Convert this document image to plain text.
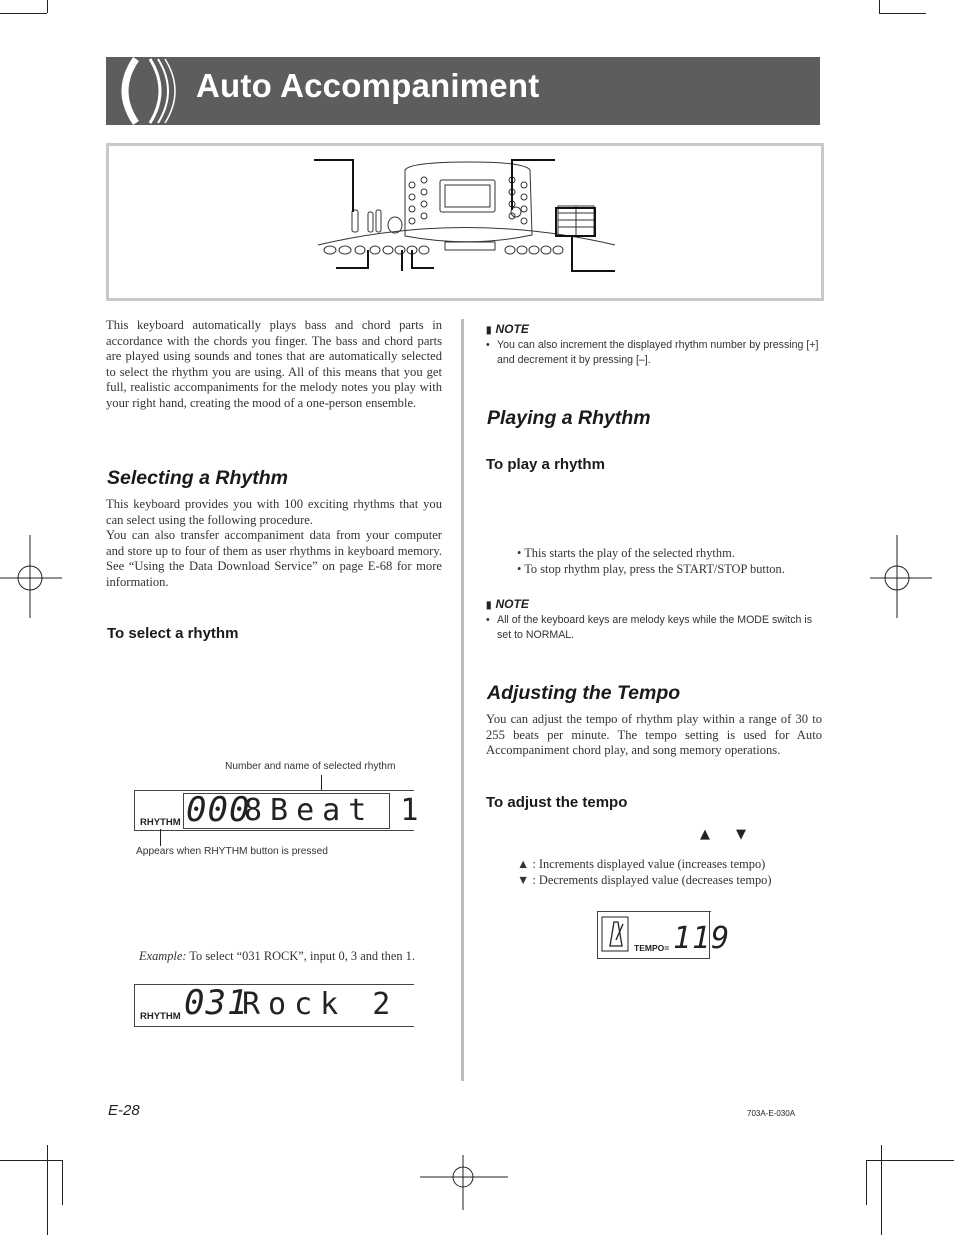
Auto Accompaniment
This keyboard automatically plays bass and chord parts in accordance with the chords you finger. The bass and chord parts are played using sounds and tones that are automatically selected to select the rhythm you are using. All of this means that you get full, realistic accompaniments for the melody notes you play with your right hand, creating the mood of a one-person ensemble.
Selecting a Rhythm
This keyboard provides you with 100 exciting rhythms that you can select using the following procedure.
You can also transfer accompaniment data from your computer and store up to four of them as user rhythms in keyboard memory. See “Using the Data Download Service” on page E-68 for more information.
To select a rhythm
Number and name of selected rhythm
RHYTHM 000
8Beat 1
Appears when RHYTHM button is pressed
Example: To select “031 ROCK”, input 0, 3 and then 1.
RHYTHM 031
Rock 2
▮ NOTE
• You can also increment the displayed rhythm number by pressing [+] and decrement it by pressing [–].
Playing a Rhythm
To play a rhythm
• This starts the play of the selected rhythm.
• To stop rhythm play, press the START/STOP button.
▮ NOTE
• All of the keyboard keys are melody keys while the MODE switch is set to NORMAL.
Adjusting the Tempo
You can adjust the tempo of rhythm play within a range of 30 to 255 beats per minute. The tempo setting is used for Auto Accompaniment chord play, and song memory operations.
To adjust the tempo
▲ ▼
▲ : Increments displayed value (increases tempo)
▼ : Decrements displayed value (decreases tempo)
TEMPO= 119
E-28	703A-E-030A
